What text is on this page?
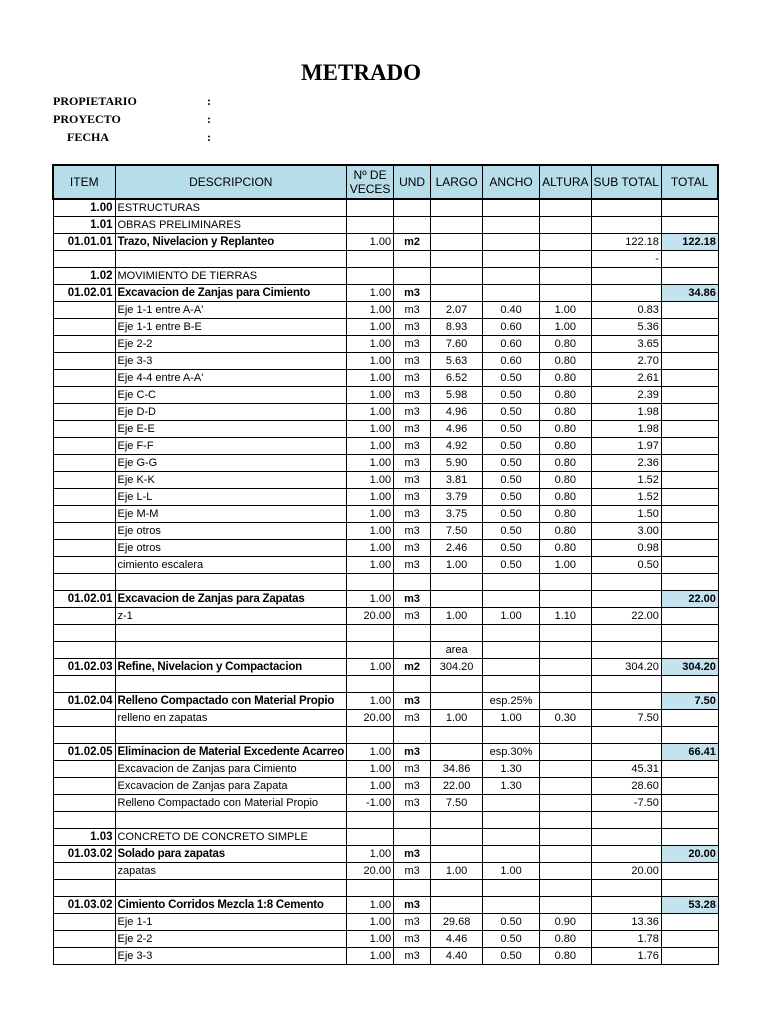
METRADO
PROPIETARIO	:
PROYECTO	:
FECHA	:
ITEM	DESCRIPCION	Nº DE VECES	UND	LARGO	ANCHO	ALTURA	SUB TOTAL	TOTAL
1.00	ESTRUCTURAS							
1.01	OBRAS PRELIMINARES							
01.01.01	Trazo, Nivelacion y Replanteo	1.00	m2				122.18	122.18
							-	
1.02	MOVIMIENTO DE TIERRAS							
01.02.01	Excavacion de Zanjas para Cimiento	1.00	m3					34.86
	Eje 1-1 entre A-A'	1.00	m3	2.07	0.40	1.00	0.83	
	Eje 1-1 entre B-E	1.00	m3	8.93	0.60	1.00	5.36	
	Eje 2-2	1.00	m3	7.60	0.60	0.80	3.65	
	Eje 3-3	1.00	m3	5.63	0.60	0.80	2.70	
	Eje 4-4 entre A-A'	1.00	m3	6.52	0.50	0.80	2.61	
	Eje C-C	1.00	m3	5.98	0.50	0.80	2.39	
	Eje D-D	1.00	m3	4.96	0.50	0.80	1.98	
	Eje E-E	1.00	m3	4.96	0.50	0.80	1.98	
	Eje F-F	1.00	m3	4.92	0.50	0.80	1.97	
	Eje G-G	1.00	m3	5.90	0.50	0.80	2.36	
	Eje K-K	1.00	m3	3.81	0.50	0.80	1.52	
	Eje L-L	1.00	m3	3.79	0.50	0.80	1.52	
	Eje M-M	1.00	m3	3.75	0.50	0.80	1.50	
	Eje otros	1.00	m3	7.50	0.50	0.80	3.00	
	Eje otros	1.00	m3	2.46	0.50	0.80	0.98	
	cimiento escalera	1.00	m3	1.00	0.50	1.00	0.50	

01.02.01	Excavacion de Zanjas para Zapatas	1.00	m3					22.00
	z-1	20.00	m3	1.00	1.00	1.10	22.00	

				area				
01.02.03	Refine, Nivelacion y Compactacion	1.00	m2	304.20			304.20	304.20

01.02.04	Relleno Compactado con Material Propio	1.00	m3		esp.25%			7.50
	relleno en zapatas	20.00	m3	1.00	1.00	0.30	7.50	

01.02.05	Eliminacion de Material Excedente Acarreo	1.00	m3		esp.30%			66.41
	Excavacion de Zanjas para Cimiento	1.00	m3	34.86	1.30		45.31	
	Excavacion de Zanjas para Zapata	1.00	m3	22.00	1.30		28.60	
	Relleno Compactado con Material Propio	-1.00	m3	7.50			-7.50	

1.03	CONCRETO DE CONCRETO SIMPLE							
01.03.02	Solado para zapatas	1.00	m3					20.00
	zapatas	20.00	m3	1.00	1.00		20.00	

01.03.02	Cimiento Corridos Mezcla 1:8 Cemento	1.00	m3					53.28
	Eje 1-1	1.00	m3	29.68	0.50	0.90	13.36	
	Eje 2-2	1.00	m3	4.46	0.50	0.80	1.78	
	Eje 3-3	1.00	m3	4.40	0.50	0.80	1.76	
